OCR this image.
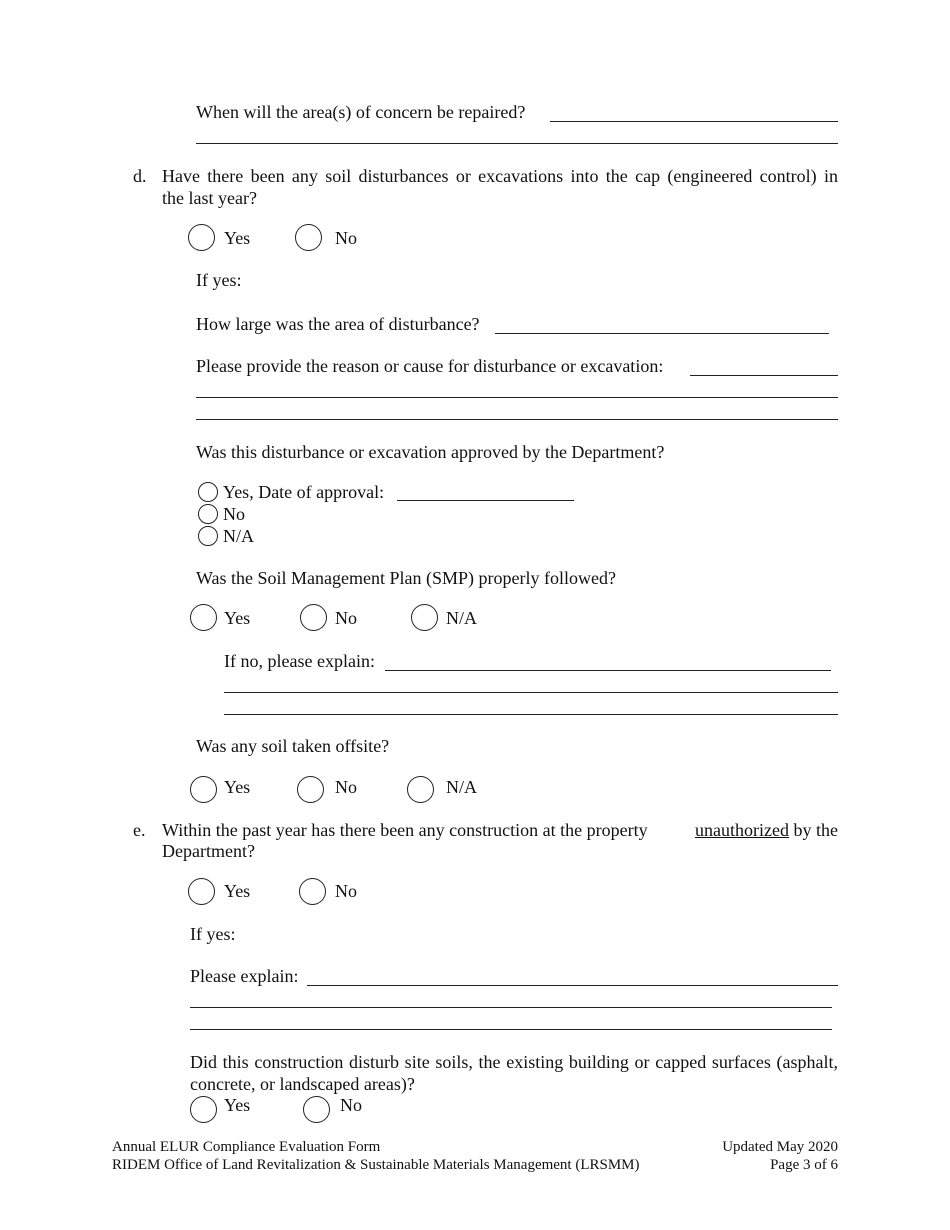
When will the area(s) of concern be repaired?
d. Have there been any soil disturbances or excavations into the cap (engineered control) in
the last year?
Yes	No
If yes:
How large was the area of disturbance?
Please provide the reason or cause for disturbance or excavation:
Was this disturbance or excavation approved by the Department?
Yes, Date of approval:
No
N/A
Was the Soil Management Plan (SMP) properly followed?
Yes	No	N/A
If no, please explain:
Was any soil taken offsite?
Yes	No	N/A
e. Within the past year has there been any construction at the property	unauthorized by the
Department?
Yes	No
If yes:
Please explain:
Did this construction disturb site soils, the existing building or capped surfaces (asphalt,
concrete, or landscaped areas)?
Yes	No
Annual ELUR Compliance Evaluation Form
RIDEM Office of Land Revitalization & Sustainable Materials Management (LRSMM)
Updated May 2020
Page 3 of 6
